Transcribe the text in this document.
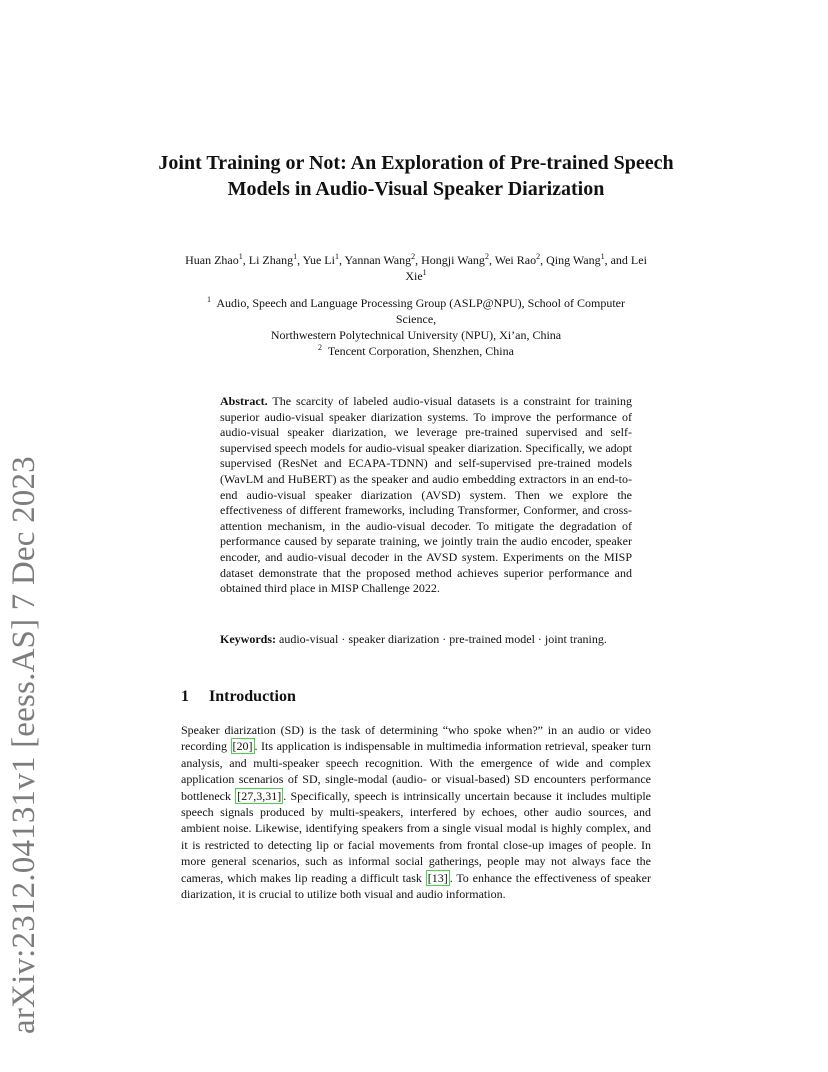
arXiv:2312.04131v1 [eess.AS] 7 Dec 2023
Joint Training or Not: An Exploration of Pre-trained Speech Models in Audio-Visual Speaker Diarization
Huan Zhao$^1$, Li Zhang$^1$, Yue Li$^1$, Yannan Wang$^2$, Hongji Wang$^2$, Wei Rao$^2$, Qing Wang$^1$, and Lei Xie$^1$
$^1$ Audio, Speech and Language Processing Group (ASLP@NPU), School of Computer Science,
Northwestern Polytechnical University (NPU), Xi’an, China
$^2$ Tencent Corporation, Shenzhen, China
Abstract. The scarcity of labeled audio-visual datasets is a constraint for training superior audio-visual speaker diarization systems. To improve the performance of audio-visual speaker diarization, we leverage pre-trained supervised and self-supervised speech models for audio-visual speaker diarization. Specifically, we adopt supervised (ResNet and ECAPA-TDNN) and self-supervised pre-trained models (WavLM and HuBERT) as the speaker and audio embedding extractors in an end-to-end audio-visual speaker diarization (AVSD) system. Then we explore the effectiveness of different frameworks, including Transformer, Conformer, and cross-attention mechanism, in the audio-visual decoder. To mitigate the degradation of performance caused by separate training, we jointly train the audio encoder, speaker encoder, and audio-visual decoder in the AVSD system. Experiments on the MISP dataset demonstrate that the proposed method achieves superior performance and obtained third place in MISP Challenge 2022.
Keywords: audio-visual · speaker diarization · pre-trained model · joint traning.
1 Introduction
Speaker diarization (SD) is the task of determining “who spoke when?” in an audio or video recording [20] . Its application is indispensable in multimedia information retrieval, speaker turn analysis, and multi-speaker speech recognition. With the emergence of wide and complex application scenarios of SD, single-modal (audio- or visual-based) SD encounters performance bottleneck [27,3,31] . Specifically, speech is intrinsically uncertain because it includes multiple speech signals produced by multi-speakers, interfered by echoes, other audio sources, and ambient noise. Likewise, identifying speakers from a single visual modal is highly complex, and it is restricted to detecting lip or facial movements from frontal close-up images of people. In more general scenarios, such as informal social gatherings, people may not always face the cameras, which makes lip reading a difficult task [13] . To enhance the effectiveness of speaker diarization, it is crucial to utilize both visual and audio information.
